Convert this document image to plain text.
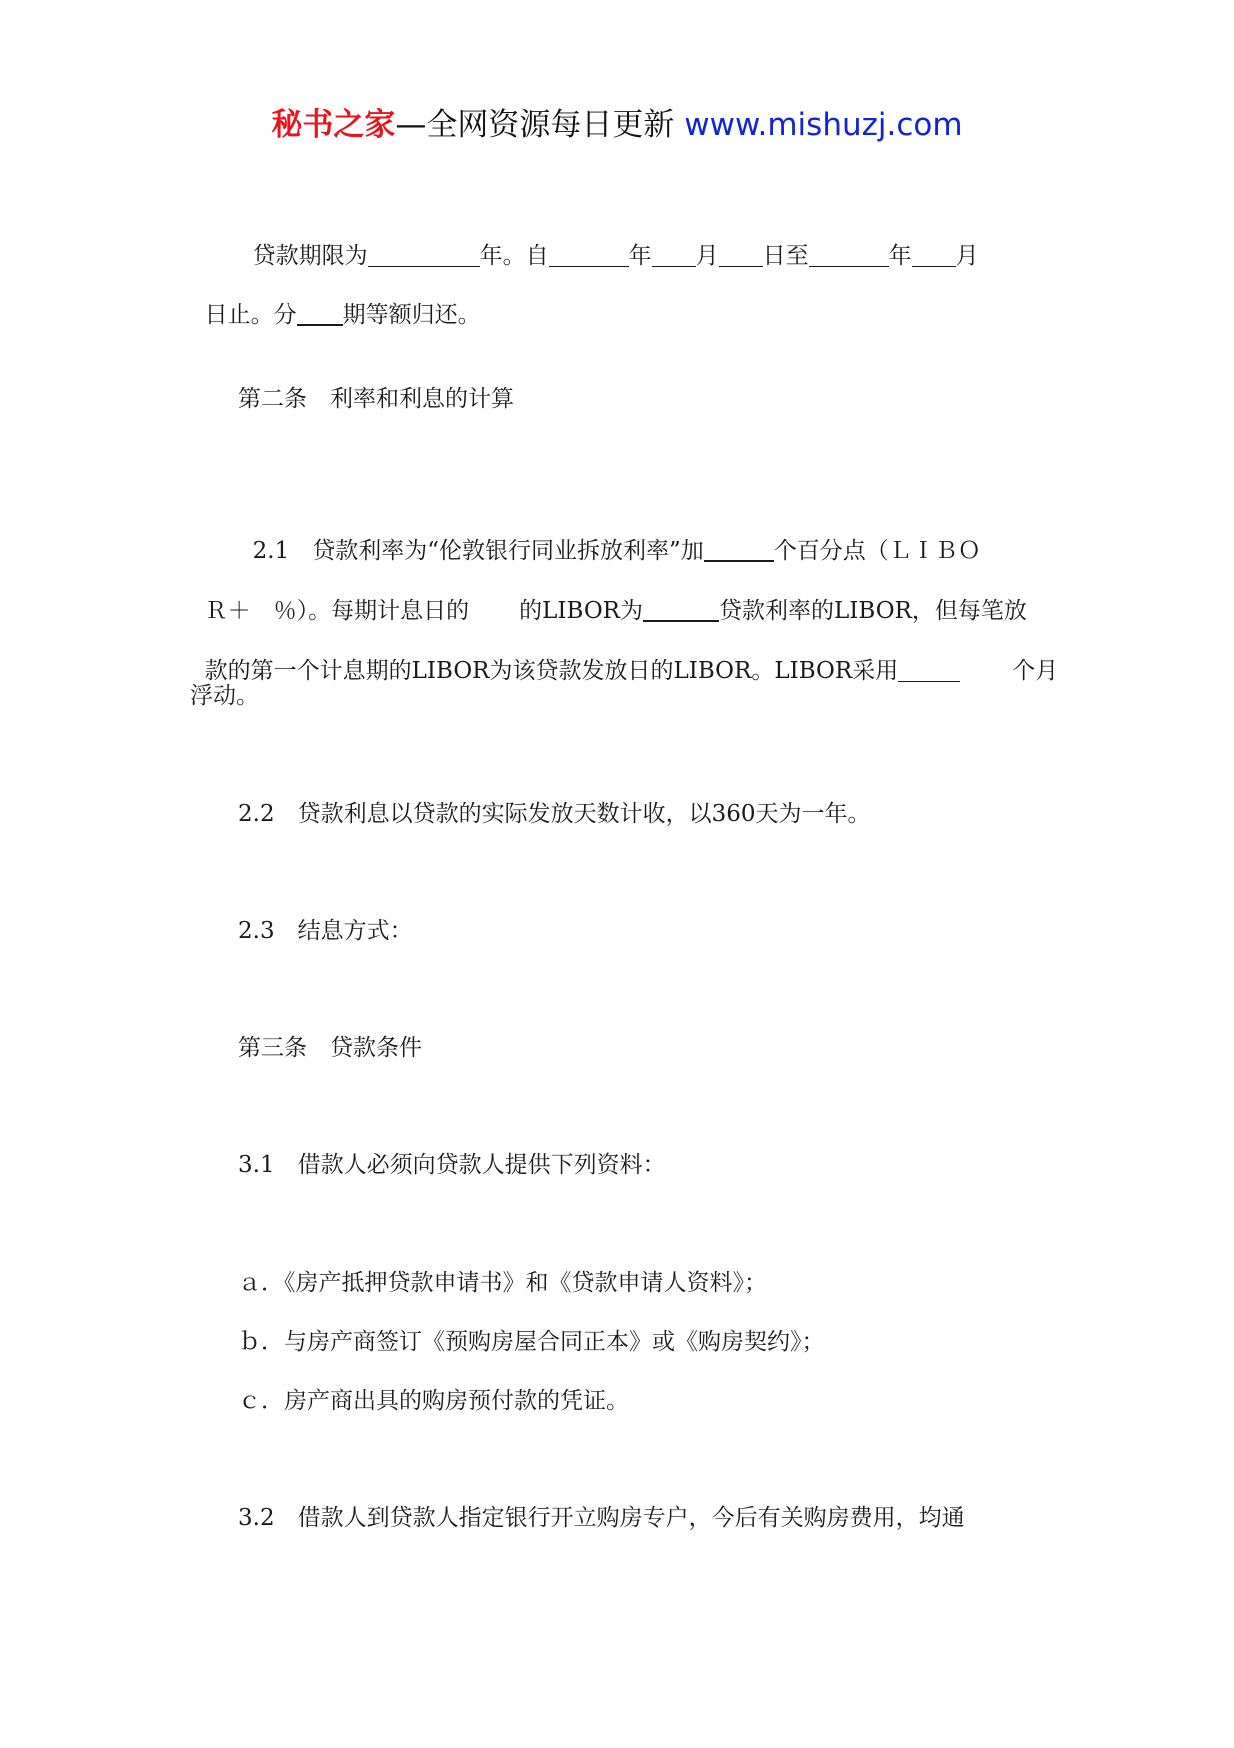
秘书之家—全网资源每日更新 www.mishuzj.com

贷款期限为	年。自	年 月 日至	年 月

日止。分 期等额归还。

第二条　利率和利息的计算

2.1　贷款利率为“伦敦银行同业拆放利率”加	个百分点（ＬＩＢＯ

Ｒ＋　％）。每期计息日的 的LIBOR为	贷款利率的LIBOR，但每笔放

款的第一个计息期的LIBOR为该贷款发放日的LIBOR。LIBOR采用	个月

浮动。
2.2　贷款利息以贷款的实际发放天数计收，以360天为一年。
2.3　结息方式：
第三条　贷款条件
3.1　借款人必须向贷款人提供下列资料：
ａ．《房产抵押贷款申请书》和《贷款申请人资料》；
ｂ．与房产商签订《预购房屋合同正本》或《购房契约》；
ｃ．房产商出具的购房预付款的凭证。
3.2　借款人到贷款人指定银行开立购房专户，今后有关购房费用，均通
